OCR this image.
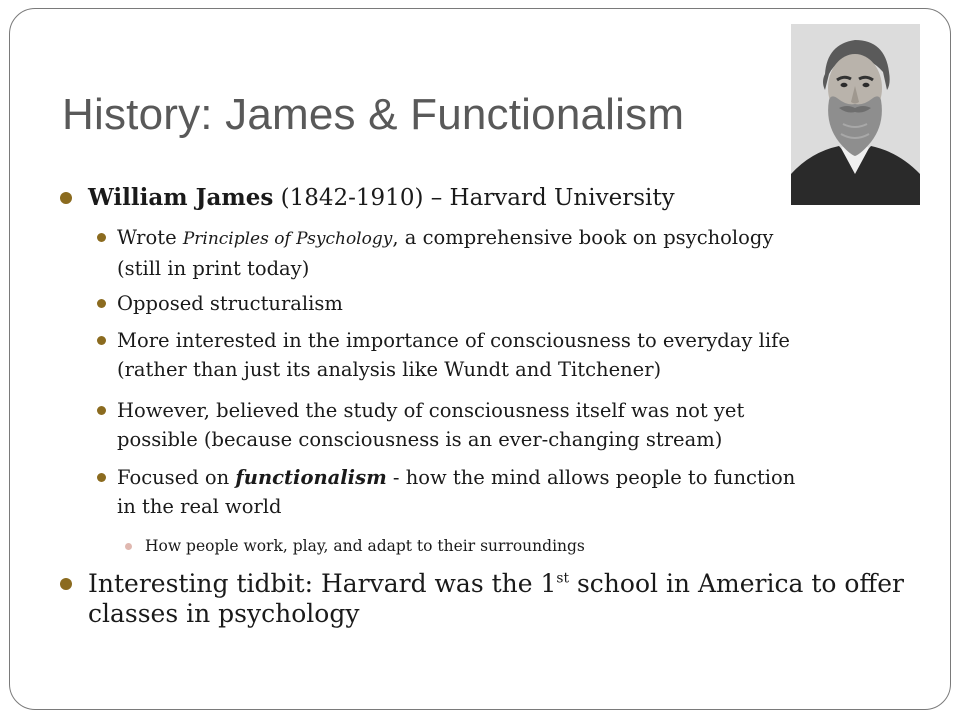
History: James & Functionalism

William James (1842-1910) – Harvard University

Wrote Principles of Psychology, a comprehensive book on psychology
(still in print today)

Opposed structuralism

More interested in the importance of consciousness to everyday life
(rather than just its analysis like Wundt and Titchener)

However, believed the study of consciousness itself was not yet
possible (because consciousness is an ever-changing stream)

Focused on functionalism - how the mind allows people to function
in the real world

How people work, play, and adapt to their surroundings

Interesting tidbit: Harvard was the 1st school in America to offer
classes in psychology
